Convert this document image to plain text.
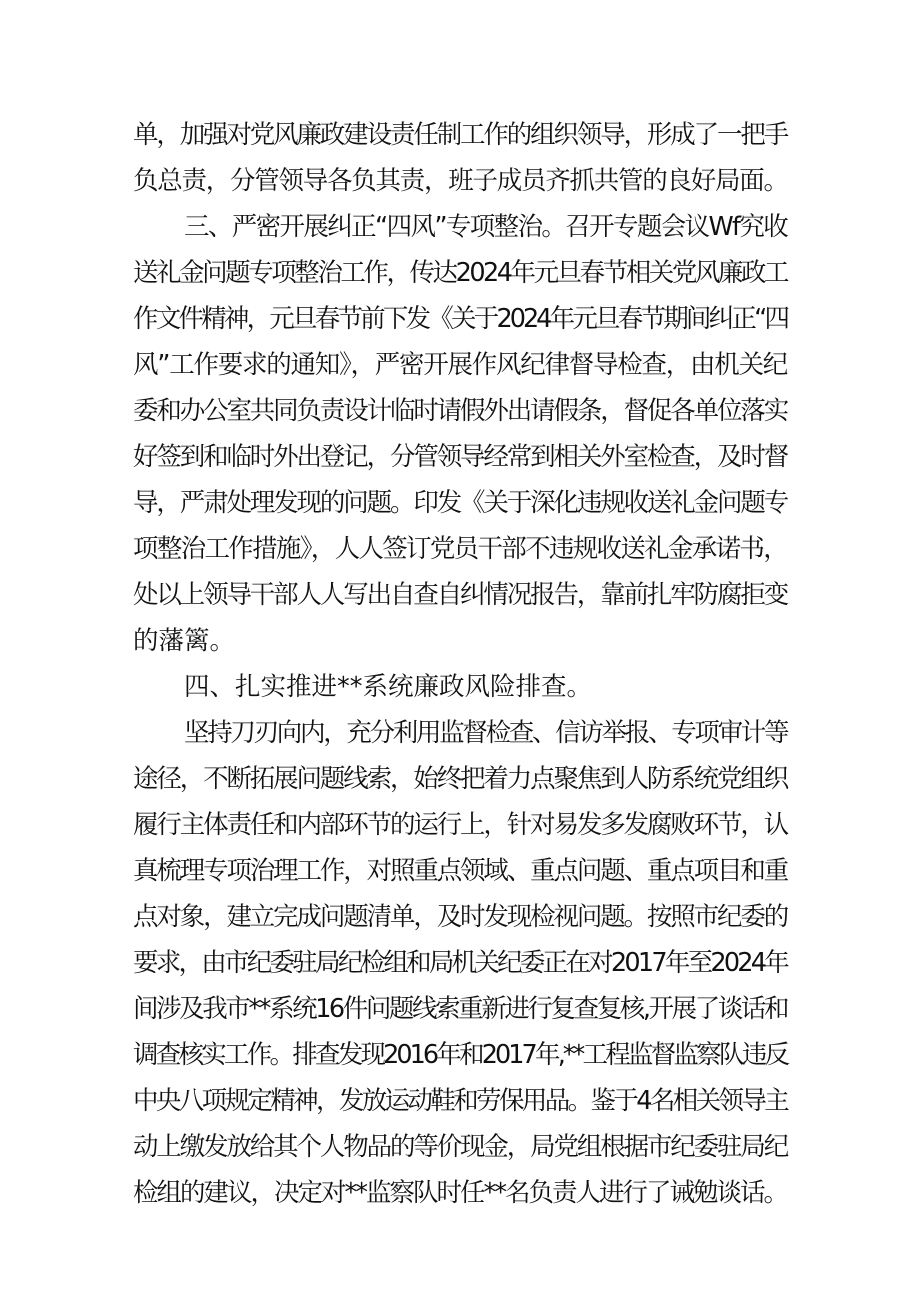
单，加强对党风廉政建设责任制工作的组织领导，形成了一把手
负总责，分管领导各负其责，班子成员齐抓共管的良好局面。
三、严密开展纠正“四风”专项整治。召开专题会议Wf究收
送礼金问题专项整治工作，传达2024年元旦春节相关党风廉政工
作文件精神，元旦春节前下发《关于2024年元旦春节期间纠正“四
风”工作要求的通知》，严密开展作风纪律督导检查，由机关纪
委和办公室共同负责设计临时请假外出请假条，督促各单位落实
好签到和临时外出登记，分管领导经常到相关外室检查，及时督
导，严肃处理发现的问题。印发《关于深化违规收送礼金问题专
项整治工作措施》，人人签订党员干部不违规收送礼金承诺书，
处以上领导干部人人写出自查自纠情况报告，靠前扎牢防腐拒变
的藩篱。
四、扎实推进**系统廉政风险排查。
坚持刀刃向内，充分利用监督检查、信访举报、专项审计等
途径，不断拓展问题线索，始终把着力点聚焦到人防系统党组织
履行主体责任和内部环节的运行上，针对易发多发腐败环节，认
真梳理专项治理工作，对照重点领域、重点问题、重点项目和重
点对象，建立完成问题清单，及时发现检视问题。按照市纪委的
要求，由市纪委驻局纪检组和局机关纪委正在对2017年至2024年
间涉及我市**系统16件问题线索重新进行复查复核,开展了谈话和
调查核实工作。排查发现2016年和2017年,**工程监督监察队违反
中央八项规定精神，发放运动鞋和劳保用品。鉴于4名相关领导主
动上缴发放给其个人物品的等价现金，局党组根据市纪委驻局纪
检组的建议，决定对**监察队时任**名负责人进行了诫勉谈话。
